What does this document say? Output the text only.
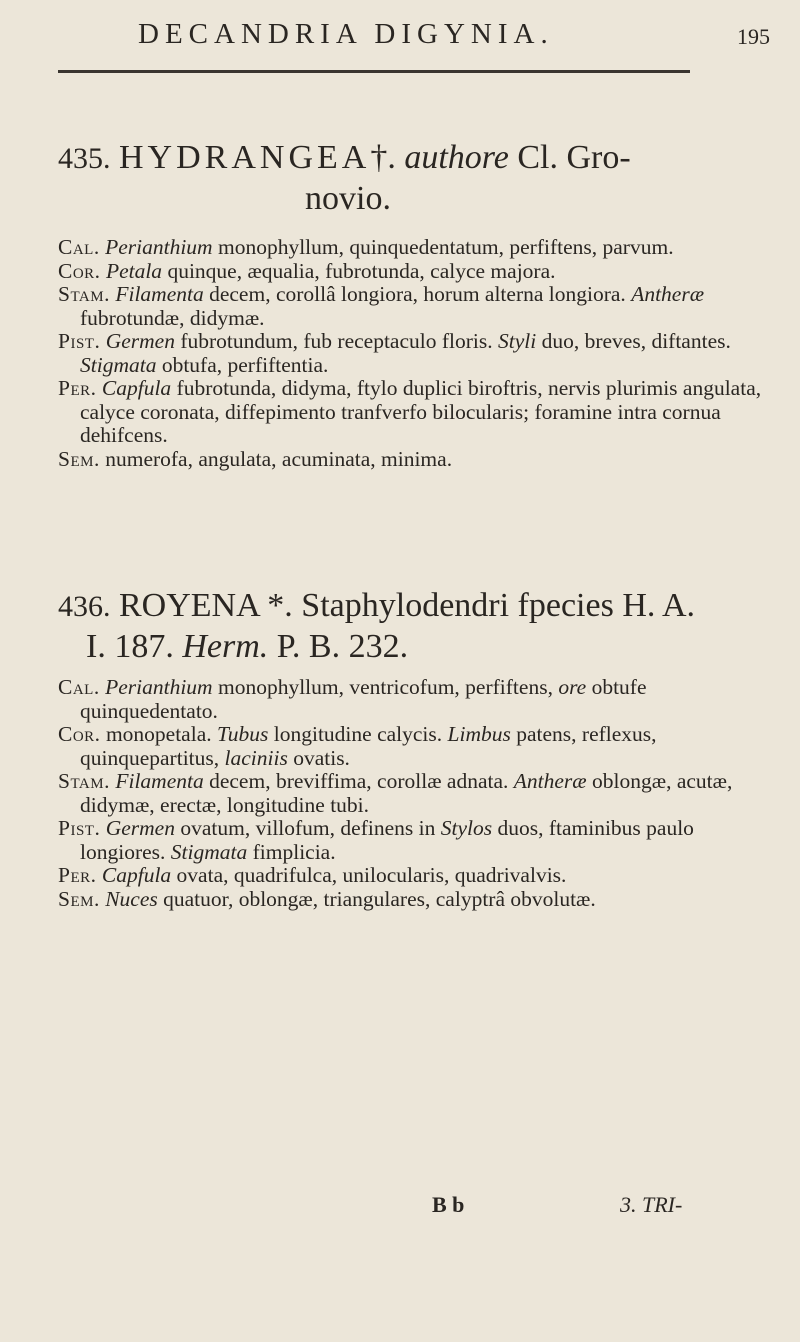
DECANDRIA DIGYNIA.	195
435. HYDRANGEA†. authore Cl. Gro-
novio.

Cal. Perianthium monophyllum, quinquedentatum, perfiftens, parvum.

Cor. Petala quinque, æqualia, fubrotunda, calyce majora.

Stam. Filamenta decem, corollâ longiora, horum alterna longiora. Antheræ fubrotundæ, didymæ.

Pist. Germen fubrotundum, fub receptaculo floris. Styli duo, breves, diftantes. Stigmata obtufa, perfiftentia.

Per. Capfula fubrotunda, didyma, ftylo duplici biroftris, nervis plurimis angulata, calyce coronata, diffepimento tranfverfo bilocularis; foramine intra cornua dehifcens.

Sem. numerofa, angulata, acuminata, minima.

436. ROYENA *. Staphylodendri fpecies H. A.
I. 187. Herm. P. B. 232.

Cal. Perianthium monophyllum, ventricofum, perfiftens, ore obtufe quinquedentato.

Cor. monopetala. Tubus longitudine calycis. Limbus patens, reflexus, quinquepartitus, laciniis ovatis.

Stam. Filamenta decem, breviffima, corollæ adnata. Antheræ oblongæ, acutæ, didymæ, erectæ, longitudine tubi.

Pist. Germen ovatum, villofum, definens in Stylos duos, ftaminibus paulo longiores. Stigmata fimplicia.

Per. Capfula ovata, quadrifulca, unilocularis, quadrivalvis.

Sem. Nuces quatuor, oblongæ, triangulares, calyptrâ obvolutæ.

B b	3. TRI-
